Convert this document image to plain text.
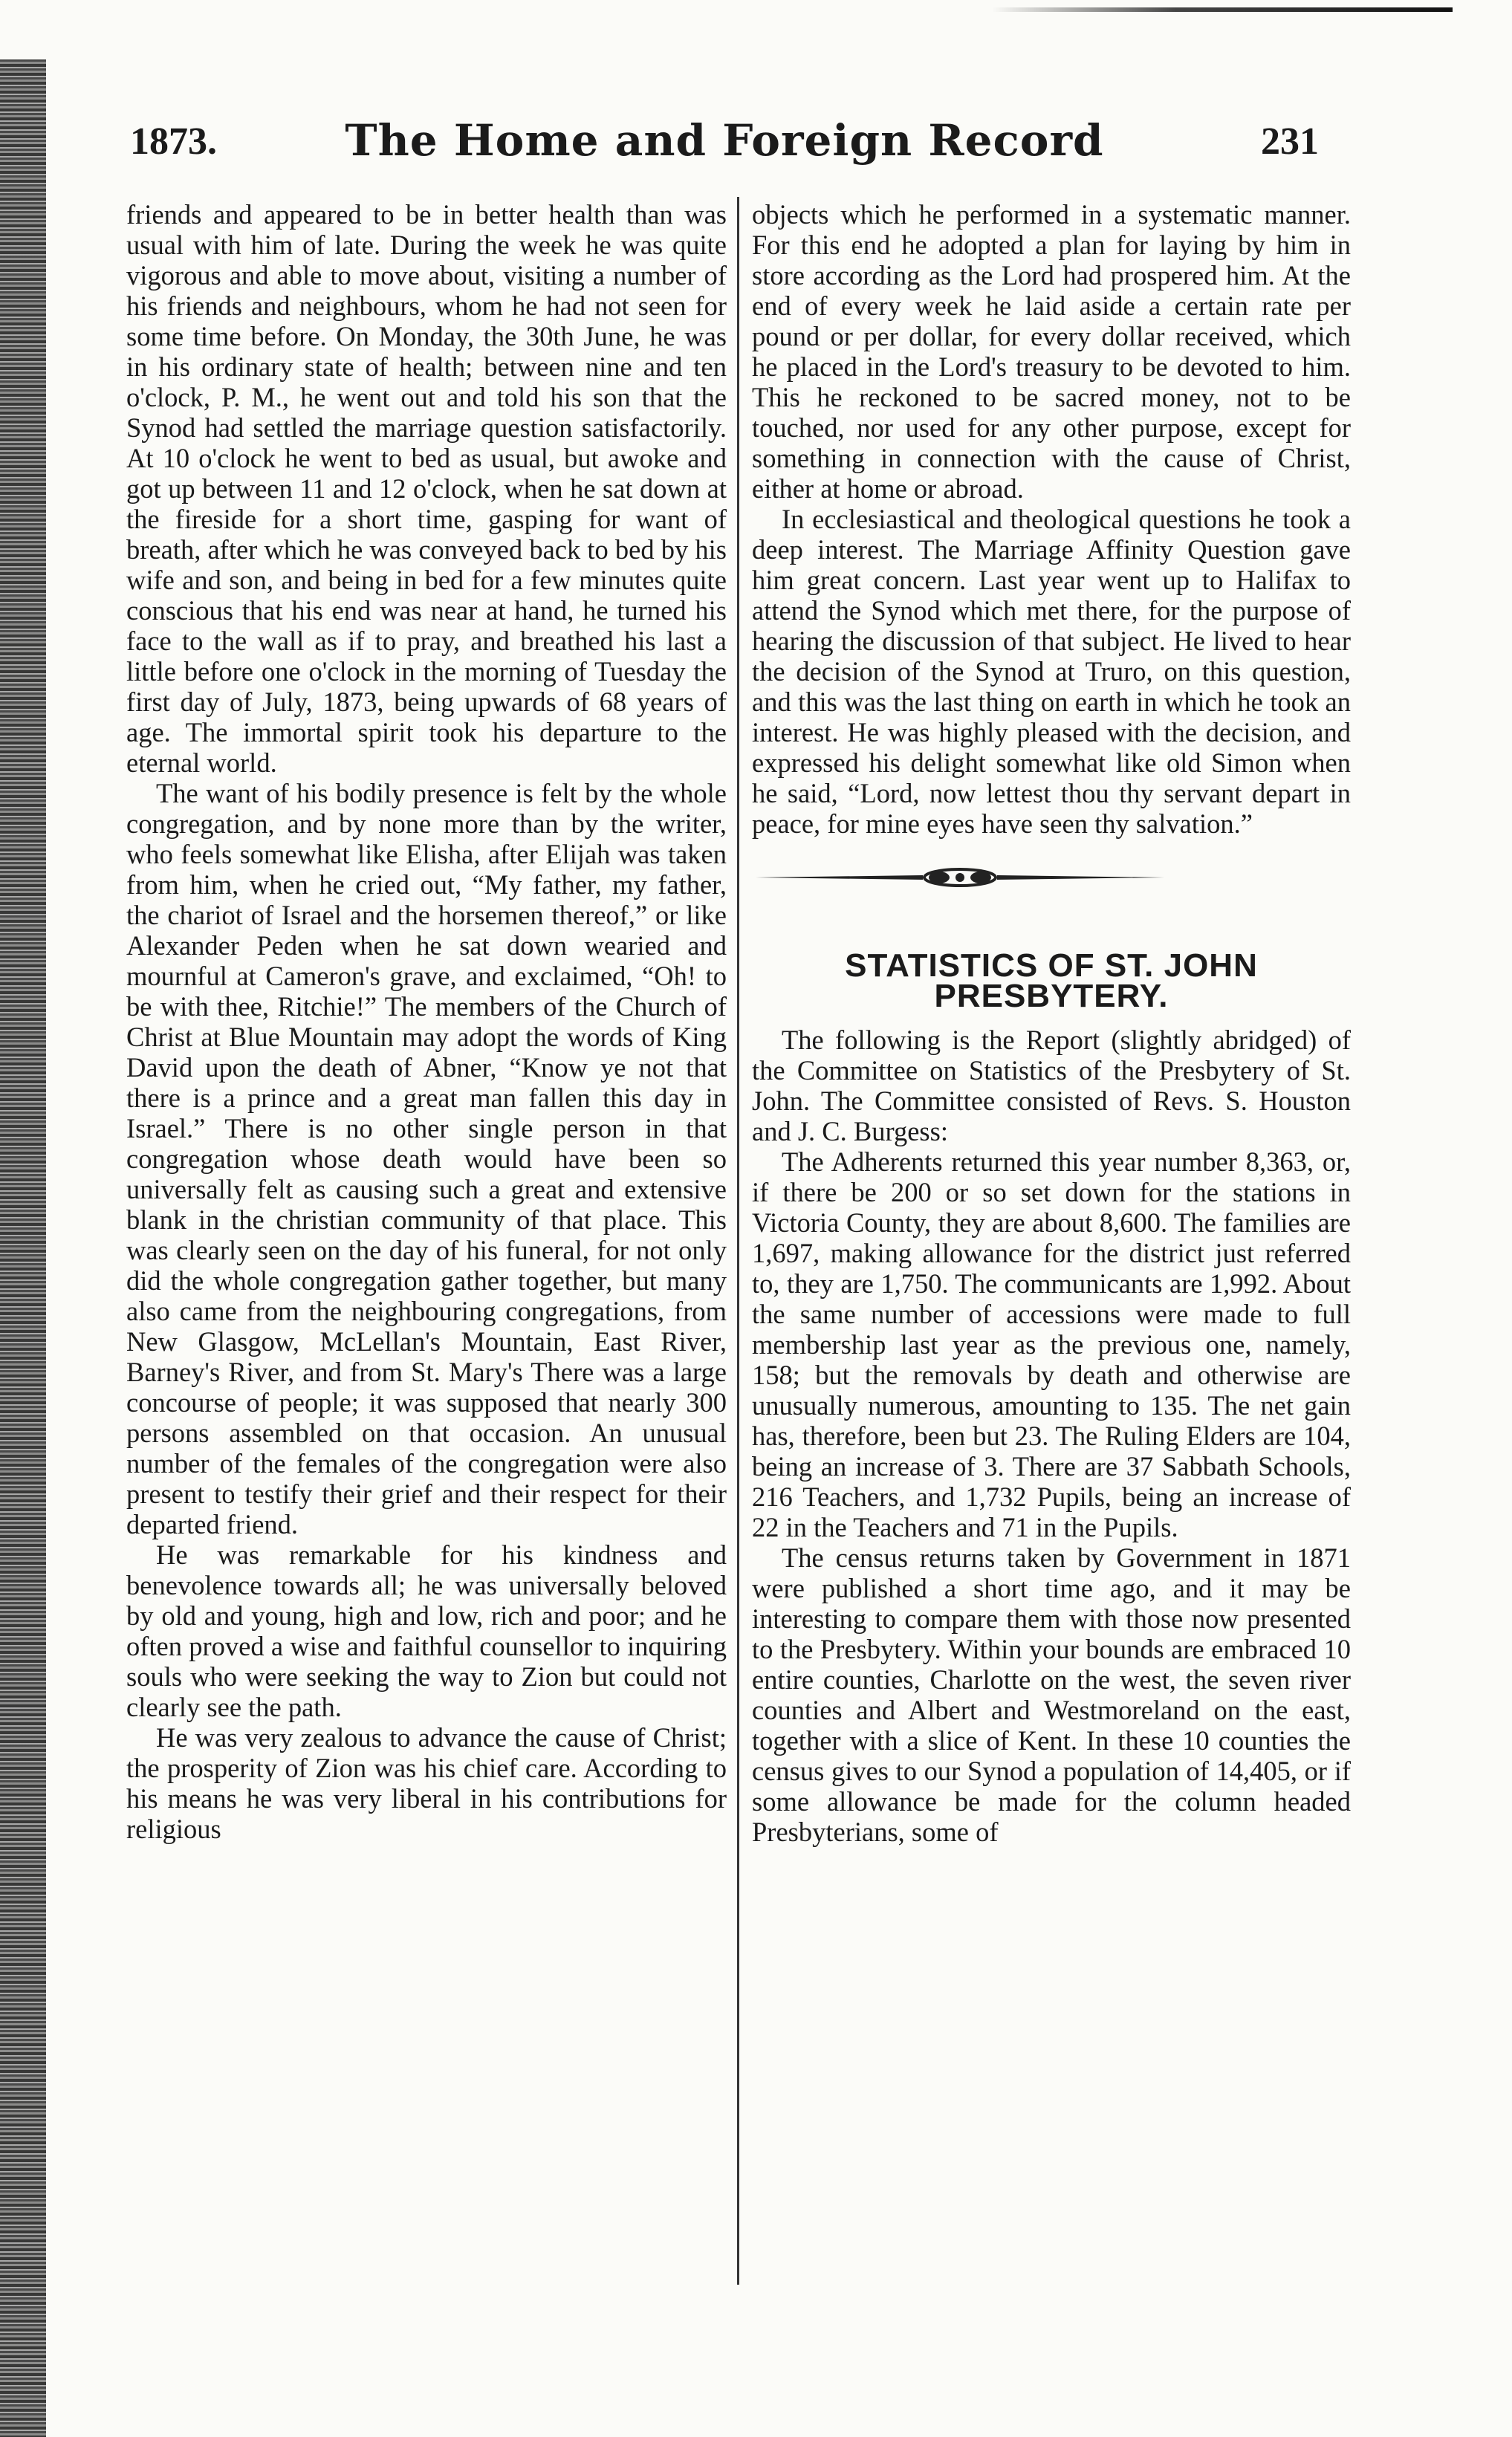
1873.	The Home and Foreign Record	231

friends and appeared to be in better health than was usual with him of late. During the week he was quite vigorous and able to move about, visiting a number of his friends and neighbours, whom he had not seen for some time before. On Monday, the 30th June, he was in his ordinary state of health; between nine and ten o'clock, P. M., he went out and told his son that the Synod had settled the marriage question satisfactorily. At 10 o'clock he went to bed as usual, but awoke and got up between 11 and 12 o'clock, when he sat down at the fireside for a short time, gasping for want of breath, after which he was conveyed back to bed by his wife and son, and being in bed for a few minutes quite conscious that his end was near at hand, he turned his face to the wall as if to pray, and breathed his last a little before one o'clock in the morning of Tuesday the first day of July, 1873, being upwards of 68 years of age. The immortal spirit took his departure to the eternal world.

The want of his bodily presence is felt by the whole congregation, and by none more than by the writer, who feels somewhat like Elisha, after Elijah was taken from him, when he cried out, “My father, my father, the chariot of Israel and the horsemen thereof,” or like Alexander Peden when he sat down wearied and mournful at Cameron's grave, and exclaimed, “Oh! to be with thee, Ritchie!” The members of the Church of Christ at Blue Mountain may adopt the words of King David upon the death of Abner, “Know ye not that there is a prince and a great man fallen this day in Israel.” There is no other single person in that congregation whose death would have been so universally felt as causing such a great and extensive blank in the christian community of that place. This was clearly seen on the day of his funeral, for not only did the whole congregation gather together, but many also came from the neighbouring congregations, from New Glasgow, McLellan's Mountain, East River, Barney's River, and from St. Mary's There was a large concourse of people; it was supposed that nearly 300 persons assembled on that occasion. An unusual number of the females of the congregation were also present to testify their grief and their respect for their departed friend.

He was remarkable for his kindness and benevolence towards all; he was universally beloved by old and young, high and low, rich and poor; and he often proved a wise and faithful counsellor to inquiring souls who were seeking the way to Zion but could not clearly see the path.

He was very zealous to advance the cause of Christ; the prosperity of Zion was his chief care. According to his means he was very liberal in his contributions for religious

objects which he performed in a systematic manner. For this end he adopted a plan for laying by him in store according as the Lord had prospered him. At the end of every week he laid aside a certain rate per pound or per dollar, for every dollar received, which he placed in the Lord's treasury to be devoted to him. This he reckoned to be sacred money, not to be touched, nor used for any other purpose, except for something in connection with the cause of Christ, either at home or abroad.

In ecclesiastical and theological questions he took a deep interest. The Marriage Affinity Question gave him great concern. Last year went up to Halifax to attend the Synod which met there, for the purpose of hearing the discussion of that subject. He lived to hear the decision of the Synod at Truro, on this question, and this was the last thing on earth in which he took an interest. He was highly pleased with the decision, and expressed his delight somewhat like old Simon when he said, “Lord, now lettest thou thy servant depart in peace, for mine eyes have seen thy salvation.”

STATISTICS OF ST. JOHN PRESBYTERY.

The following is the Report (slightly abridged) of the Committee on Statistics of the Presbytery of St. John. The Committee consisted of Revs. S. Houston and J. C. Burgess:

The Adherents returned this year number 8,363, or, if there be 200 or so set down for the stations in Victoria County, they are about 8,600. The families are 1,697, making allowance for the district just referred to, they are 1,750. The communicants are 1,992. About the same number of accessions were made to full membership last year as the previous one, namely, 158; but the removals by death and otherwise are unusually numerous, amounting to 135. The net gain has, therefore, been but 23. The Ruling Elders are 104, being an increase of 3. There are 37 Sabbath Schools, 216 Teachers, and 1,732 Pupils, being an increase of 22 in the Teachers and 71 in the Pupils.

The census returns taken by Government in 1871 were published a short time ago, and it may be interesting to compare them with those now presented to the Presbytery. Within your bounds are embraced 10 entire counties, Charlotte on the west, the seven river counties and Albert and Westmoreland on the east, together with a slice of Kent. In these 10 counties the census gives to our Synod a population of 14,405, or if some allowance be made for the column headed Presbyterians, some of
